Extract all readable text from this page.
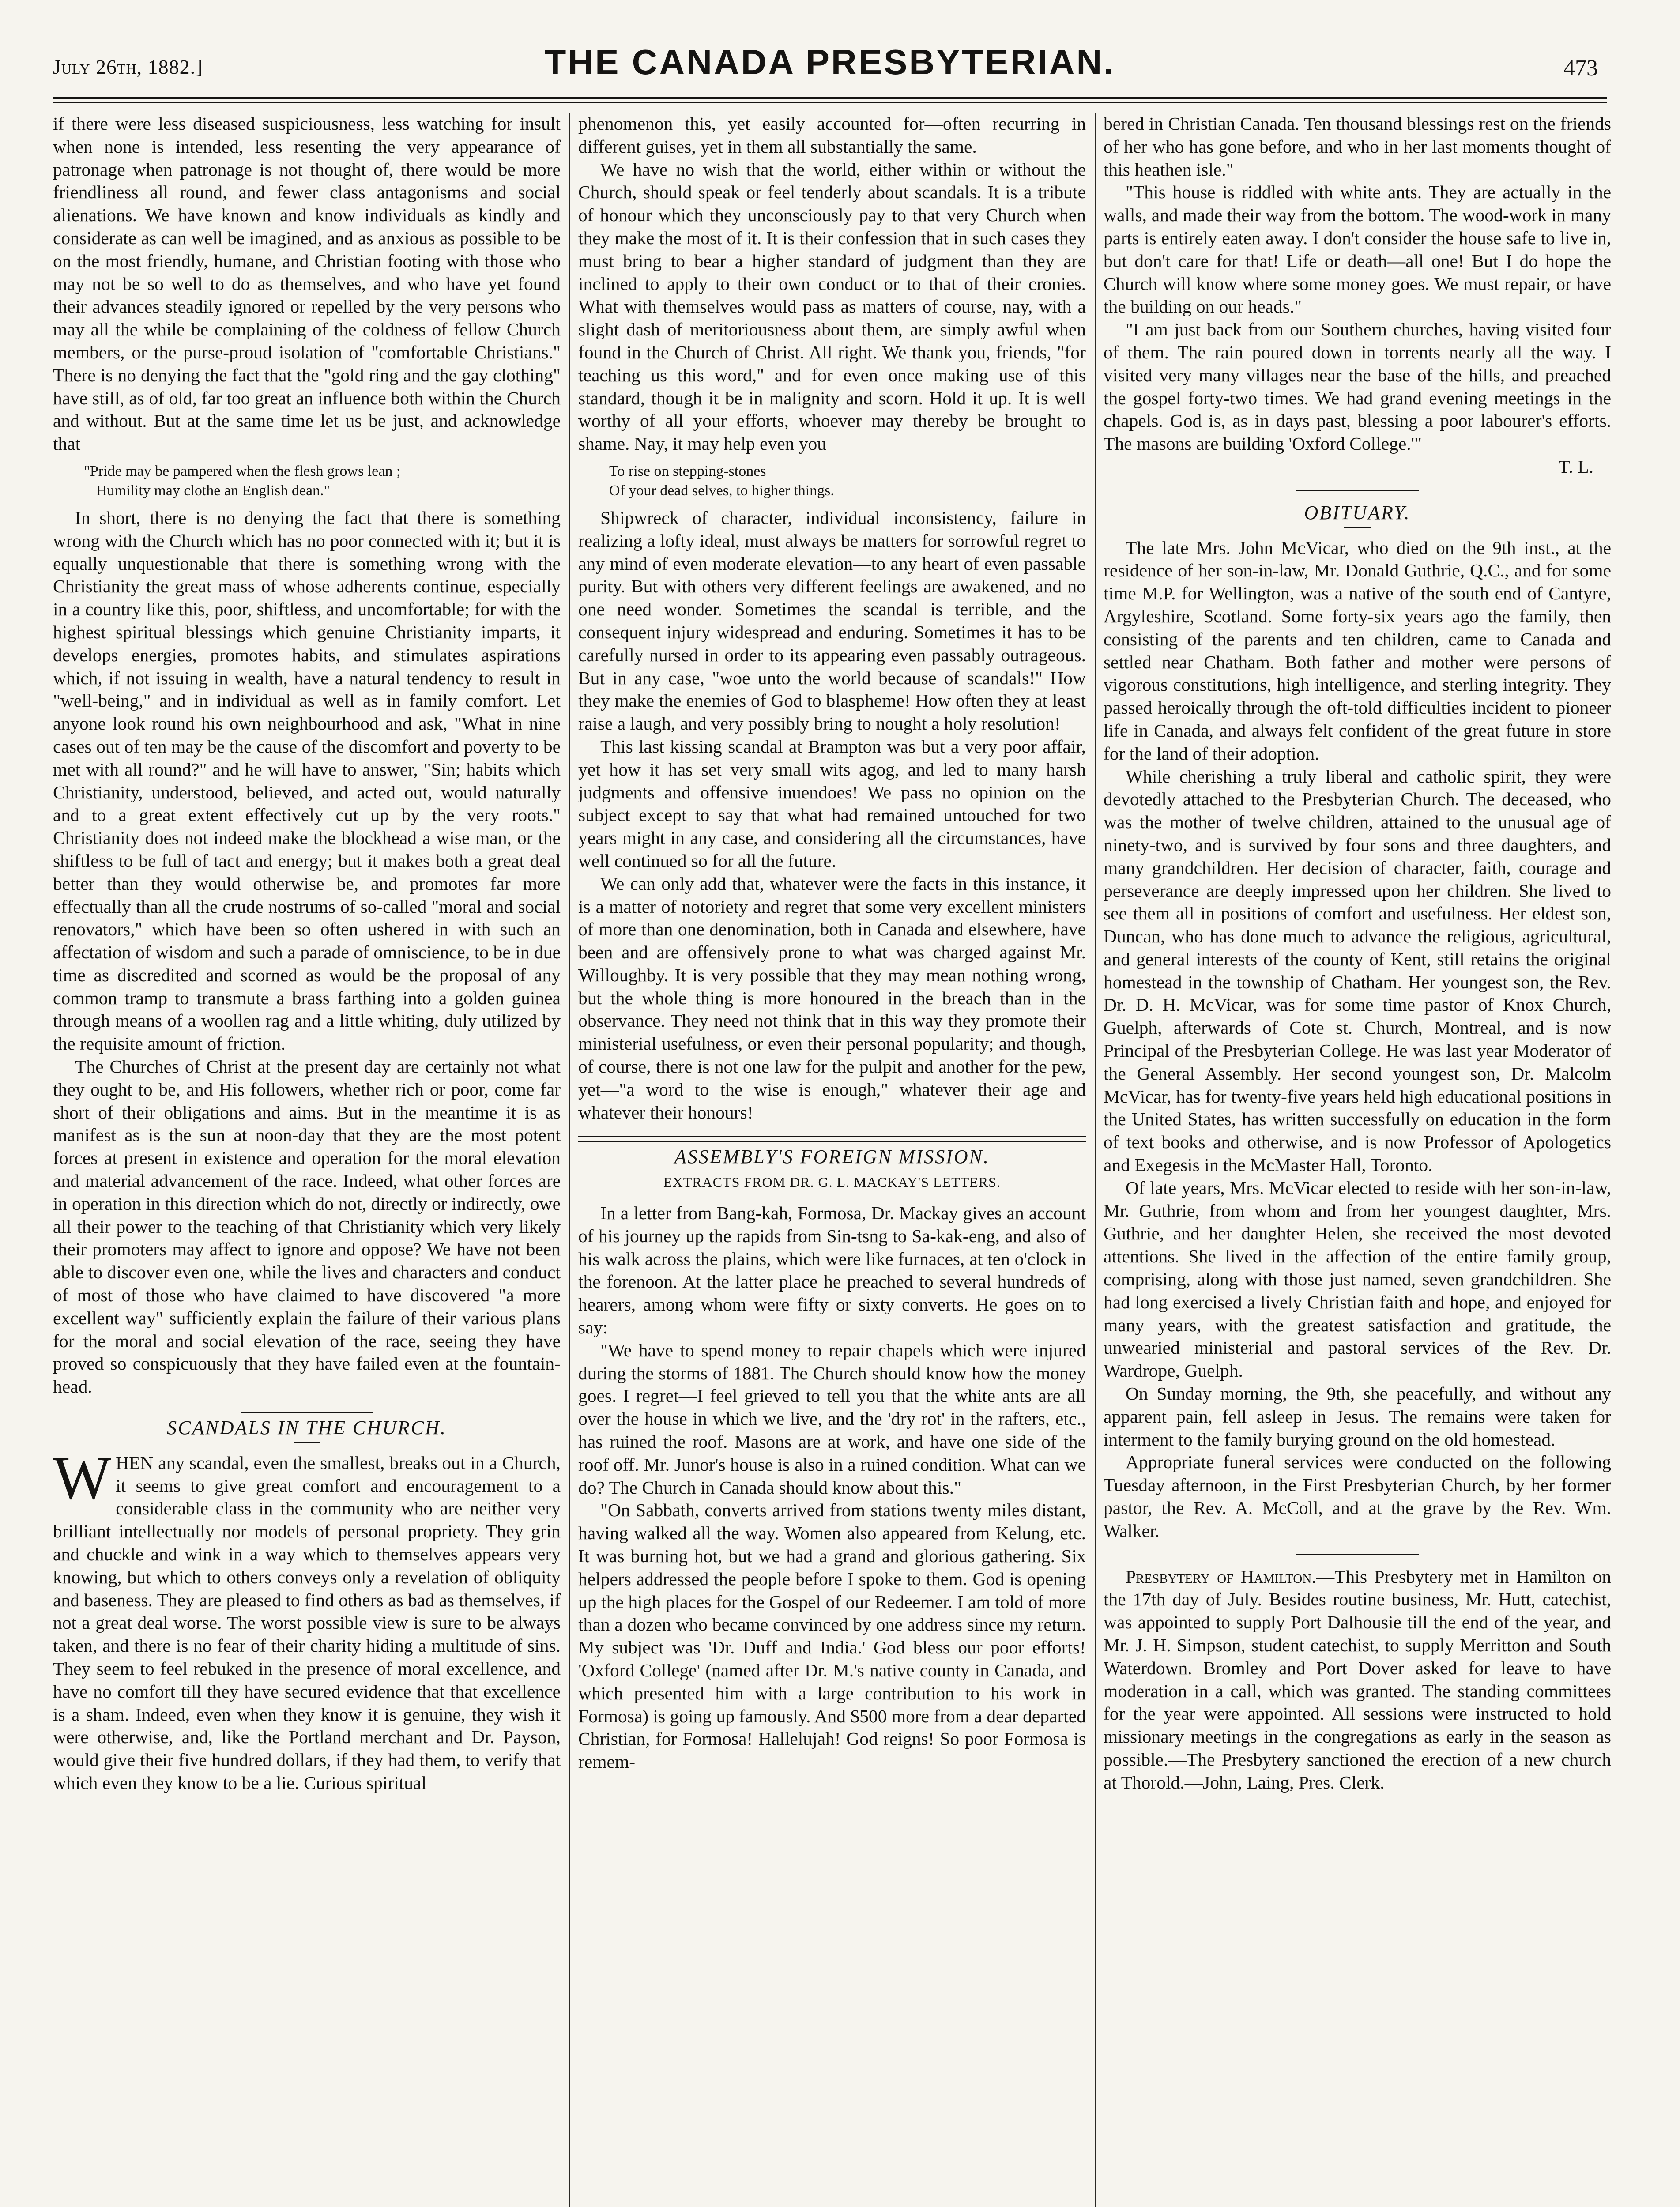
July 26th, 1882.]	THE CANADA PRESBYTERIAN.	473

if there were less diseased suspiciousness, less watching for insult when none is intended, less resenting the very appearance of patronage when patronage is not thought of, there would be more friendliness all round, and fewer class antagonisms and social alienations. We have known and know individuals as kindly and considerate as can well be imagined, and as anxious as possible to be on the most friendly, humane, and Christian footing with those who may not be so well to do as themselves, and who have yet found their advances steadily ignored or repelled by the very persons who may all the while be complaining of the coldness of fellow Church members, or the purse-proud isolation of "comfortable Christians." There is no denying the fact that the "gold ring and the gay clothing" have still, as of old, far too great an influence both within the Church and without. But at the same time let us be just, and acknowledge that

"Pride may be pampered when the flesh grows lean ;
Humility may clothe an English dean."

In short, there is no denying the fact that there is something wrong with the Church which has no poor connected with it; but it is equally unquestionable that there is something wrong with the Christianity the great mass of whose adherents continue, especially in a country like this, poor, shiftless, and uncomfortable; for with the highest spiritual blessings which genuine Christianity imparts, it develops energies, promotes habits, and stimulates aspirations which, if not issuing in wealth, have a natural tendency to result in "well-being," and in individual as well as in family comfort. Let anyone look round his own neighbourhood and ask, "What in nine cases out of ten may be the cause of the discomfort and poverty to be met with all round?" and he will have to answer, "Sin; habits which Christianity, understood, believed, and acted out, would naturally and to a great extent effectively cut up by the very roots." Christianity does not indeed make the blockhead a wise man, or the shiftless to be full of tact and energy; but it makes both a great deal better than they would otherwise be, and promotes far more effectually than all the crude nostrums of so-called "moral and social renovators," which have been so often ushered in with such an affectation of wisdom and such a parade of omniscience, to be in due time as discredited and scorned as would be the proposal of any common tramp to transmute a brass farthing into a golden guinea through means of a woollen rag and a little whiting, duly utilized by the requisite amount of friction.

The Churches of Christ at the present day are certainly not what they ought to be, and His followers, whether rich or poor, come far short of their obligations and aims. But in the meantime it is as manifest as is the sun at noon-day that they are the most potent forces at present in existence and operation for the moral elevation and material advancement of the race. Indeed, what other forces are in operation in this direction which do not, directly or indirectly, owe all their power to the teaching of that Christianity which very likely their promoters may affect to ignore and oppose? We have not been able to discover even one, while the lives and characters and conduct of most of those who have claimed to have discovered "a more excellent way" sufficiently explain the failure of their various plans for the moral and social elevation of the race, seeing they have proved so conspicuously that they have failed even at the fountain-head.

SCANDALS IN THE CHURCH.

WHEN any scandal, even the smallest, breaks out in a Church, it seems to give great comfort and encouragement to a considerable class in the community who are neither very brilliant intellectually nor models of personal propriety. They grin and chuckle and wink in a way which to themselves appears very knowing, but which to others conveys only a revelation of obliquity and baseness. They are pleased to find others as bad as themselves, if not a great deal worse. The worst possible view is sure to be always taken, and there is no fear of their charity hiding a multitude of sins. They seem to feel rebuked in the presence of moral excellence, and have no comfort till they have secured evidence that that excellence is a sham. Indeed, even when they know it is genuine, they wish it were otherwise, and, like the Portland merchant and Dr. Payson, would give their five hundred dollars, if they had them, to verify that which even they know to be a lie. Curious spiritual

phenomenon this, yet easily accounted for—often recurring in different guises, yet in them all substantially the same.

We have no wish that the world, either within or without the Church, should speak or feel tenderly about scandals. It is a tribute of honour which they unconsciously pay to that very Church when they make the most of it. It is their confession that in such cases they must bring to bear a higher standard of judgment than they are inclined to apply to their own conduct or to that of their cronies. What with themselves would pass as matters of course, nay, with a slight dash of meritoriousness about them, are simply awful when found in the Church of Christ. All right. We thank you, friends, "for teaching us this word," and for even once making use of this standard, though it be in malignity and scorn. Hold it up. It is well worthy of all your efforts, whoever may thereby be brought to shame. Nay, it may help even you

To rise on stepping-stones
Of your dead selves, to higher things.

Shipwreck of character, individual inconsistency, failure in realizing a lofty ideal, must always be matters for sorrowful regret to any mind of even moderate elevation—to any heart of even passable purity. But with others very different feelings are awakened, and no one need wonder. Sometimes the scandal is terrible, and the consequent injury widespread and enduring. Sometimes it has to be carefully nursed in order to its appearing even passably outrageous. But in any case, "woe unto the world because of scandals!" How they make the enemies of God to blaspheme! How often they at least raise a laugh, and very possibly bring to nought a holy resolution!

This last kissing scandal at Brampton was but a very poor affair, yet how it has set very small wits agog, and led to many harsh judgments and offensive inuendoes! We pass no opinion on the subject except to say that what had remained untouched for two years might in any case, and considering all the circumstances, have well continued so for all the future.

We can only add that, whatever were the facts in this instance, it is a matter of notoriety and regret that some very excellent ministers of more than one denomination, both in Canada and elsewhere, have been and are offensively prone to what was charged against Mr. Willoughby. It is very possible that they may mean nothing wrong, but the whole thing is more honoured in the breach than in the observance. They need not think that in this way they promote their ministerial usefulness, or even their personal popularity; and though, of course, there is not one law for the pulpit and another for the pew, yet—"a word to the wise is enough," whatever their age and whatever their honours!

ASSEMBLY'S FOREIGN MISSION.
EXTRACTS FROM DR. G. L. MACKAY'S LETTERS.

In a letter from Bang-kah, Formosa, Dr. Mackay gives an account of his journey up the rapids from Sin-tsng to Sa-kak-eng, and also of his walk across the plains, which were like furnaces, at ten o'clock in the forenoon. At the latter place he preached to several hundreds of hearers, among whom were fifty or sixty converts. He goes on to say:

"We have to spend money to repair chapels which were injured during the storms of 1881. The Church should know how the money goes. I regret—I feel grieved to tell you that the white ants are all over the house in which we live, and the 'dry rot' in the rafters, etc., has ruined the roof. Masons are at work, and have one side of the roof off. Mr. Junor's house is also in a ruined condition. What can we do? The Church in Canada should know about this."

"On Sabbath, converts arrived from stations twenty miles distant, having walked all the way. Women also appeared from Kelung, etc. It was burning hot, but we had a grand and glorious gathering. Six helpers addressed the people before I spoke to them. God is opening up the high places for the Gospel of our Redeemer. I am told of more than a dozen who became convinced by one address since my return. My subject was 'Dr. Duff and India.' God bless our poor efforts! 'Oxford College' (named after Dr. M.'s native county in Canada, and which presented him with a large contribution to his work in Formosa) is going up famously. And $500 more from a dear departed Christian, for Formosa! Hallelujah! God reigns! So poor Formosa is remem-

bered in Christian Canada. Ten thousand blessings rest on the friends of her who has gone before, and who in her last moments thought of this heathen isle."

"This house is riddled with white ants. They are actually in the walls, and made their way from the bottom. The wood-work in many parts is entirely eaten away. I don't consider the house safe to live in, but don't care for that! Life or death—all one! But I do hope the Church will know where some money goes. We must repair, or have the building on our heads."

"I am just back from our Southern churches, having visited four of them. The rain poured down in torrents nearly all the way. I visited very many villages near the base of the hills, and preached the gospel forty-two times. We had grand evening meetings in the chapels. God is, as in days past, blessing a poor labourer's efforts. The masons are building 'Oxford College.'"

T. L.

OBITUARY.

The late Mrs. John McVicar, who died on the 9th inst., at the residence of her son-in-law, Mr. Donald Guthrie, Q.C., and for some time M.P. for Wellington, was a native of the south end of Cantyre, Argyleshire, Scotland. Some forty-six years ago the family, then consisting of the parents and ten children, came to Canada and settled near Chatham. Both father and mother were persons of vigorous constitutions, high intelligence, and sterling integrity. They passed heroically through the oft-told difficulties incident to pioneer life in Canada, and always felt confident of the great future in store for the land of their adoption.

While cherishing a truly liberal and catholic spirit, they were devotedly attached to the Presbyterian Church. The deceased, who was the mother of twelve children, attained to the unusual age of ninety-two, and is survived by four sons and three daughters, and many grandchildren. Her decision of character, faith, courage and perseverance are deeply impressed upon her children. She lived to see them all in positions of comfort and usefulness. Her eldest son, Duncan, who has done much to advance the religious, agricultural, and general interests of the county of Kent, still retains the original homestead in the township of Chatham. Her youngest son, the Rev. Dr. D. H. McVicar, was for some time pastor of Knox Church, Guelph, afterwards of Cote st. Church, Montreal, and is now Principal of the Presbyterian College. He was last year Moderator of the General Assembly. Her second youngest son, Dr. Malcolm McVicar, has for twenty-five years held high educational positions in the United States, has written successfully on education in the form of text books and otherwise, and is now Professor of Apologetics and Exegesis in the McMaster Hall, Toronto.

Of late years, Mrs. McVicar elected to reside with her son-in-law, Mr. Guthrie, from whom and from her youngest daughter, Mrs. Guthrie, and her daughter Helen, she received the most devoted attentions. She lived in the affection of the entire family group, comprising, along with those just named, seven grandchildren. She had long exercised a lively Christian faith and hope, and enjoyed for many years, with the greatest satisfaction and gratitude, the unwearied ministerial and pastoral services of the Rev. Dr. Wardrope, Guelph.

On Sunday morning, the 9th, she peacefully, and without any apparent pain, fell asleep in Jesus. The remains were taken for interment to the family burying ground on the old homestead.

Appropriate funeral services were conducted on the following Tuesday afternoon, in the First Presbyterian Church, by her former pastor, the Rev. A. McColl, and at the grave by the Rev. Wm. Walker.

Presbytery of Hamilton.—This Presbytery met in Hamilton on the 17th day of July. Besides routine business, Mr. Hutt, catechist, was appointed to supply Port Dalhousie till the end of the year, and Mr. J. H. Simpson, student catechist, to supply Merritton and South Waterdown. Bromley and Port Dover asked for leave to have moderation in a call, which was granted. The standing committees for the year were appointed. All sessions were instructed to hold missionary meetings in the congregations as early in the season as possible.—The Presbytery sanctioned the erection of a new church at Thorold.—John, Laing, Pres. Clerk.
